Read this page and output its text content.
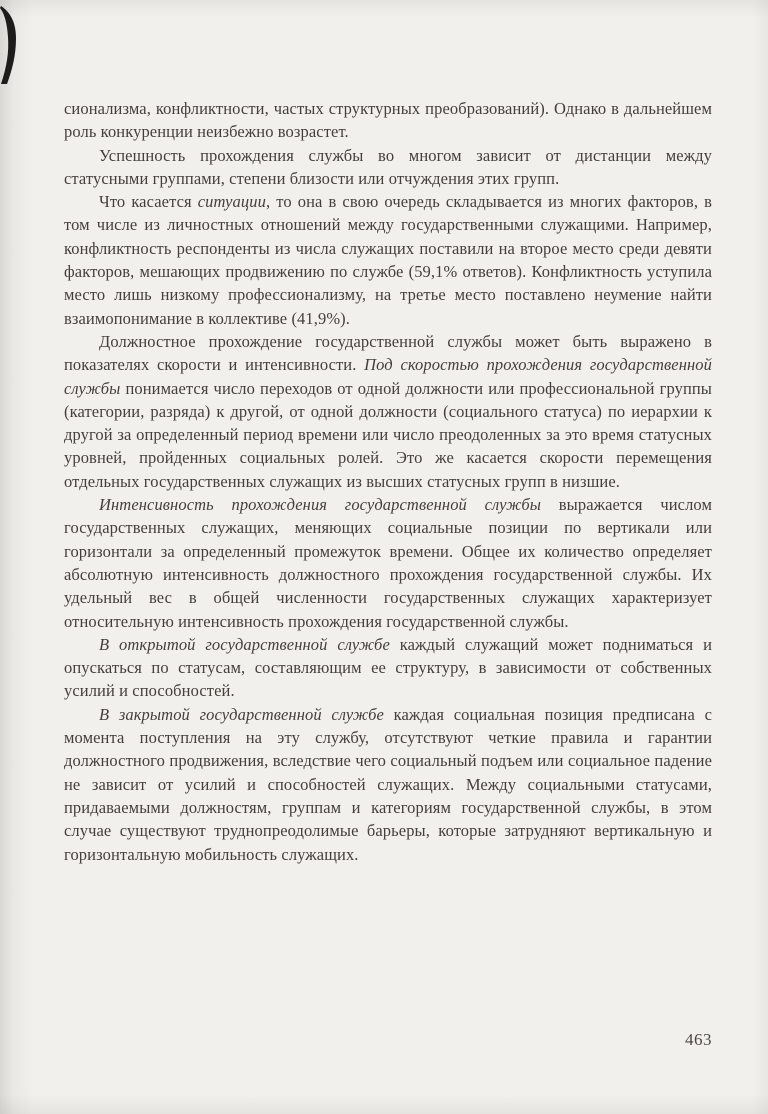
сионализма, конфликтности, частых структурных преобразований). Однако в дальнейшем роль конкуренции неизбежно возрастет.

Успешность прохождения службы во многом зависит от дистанции между статусными группами, степени близости или отчуждения этих групп.

Что касается ситуации, то она в свою очередь складывается из многих факторов, в том числе из личностных отношений между государственными служащими. Например, конфликтность респонденты из числа служащих поставили на второе место среди девяти факторов, мешающих продвижению по службе (59,1% ответов). Конфликтность уступила место лишь низкому профессионализму, на третье место поставлено неумение найти взаимопонимание в коллективе (41,9%).

Должностное прохождение государственной службы может быть выражено в показателях скорости и интенсивности. Под скоростью прохождения государственной службы понимается число переходов от одной должности или профессиональной группы (категории, разряда) к другой, от одной должности (социального статуса) по иерархии к другой за определенный период времени или число преодоленных за это время статусных уровней, пройденных социальных ролей. Это же касается скорости перемещения отдельных государственных служащих из высших статусных групп в низшие.

Интенсивность прохождения государственной службы выражается числом государственных служащих, меняющих социальные позиции по вертикали или горизонтали за определенный промежуток времени. Общее их количество определяет абсолютную интенсивность должностного прохождения государственной службы. Их удельный вес в общей численности государственных служащих характеризует относительную интенсивность прохождения государственной службы.

В открытой государственной службе каждый служащий может подниматься и опускаться по статусам, составляющим ее структуру, в зависимости от собственных усилий и способностей.

В закрытой государственной службе каждая социальная позиция предписана с момента поступления на эту службу, отсутствуют четкие правила и гарантии должностного продвижения, вследствие чего социальный подъем или социальное падение не зависит от усилий и способностей служащих. Между социальными статусами, придаваемыми должностям, группам и категориям государственной службы, в этом случае существуют труднопреодолимые барьеры, которые затрудняют вертикальную и горизонтальную мобильность служащих.

463
